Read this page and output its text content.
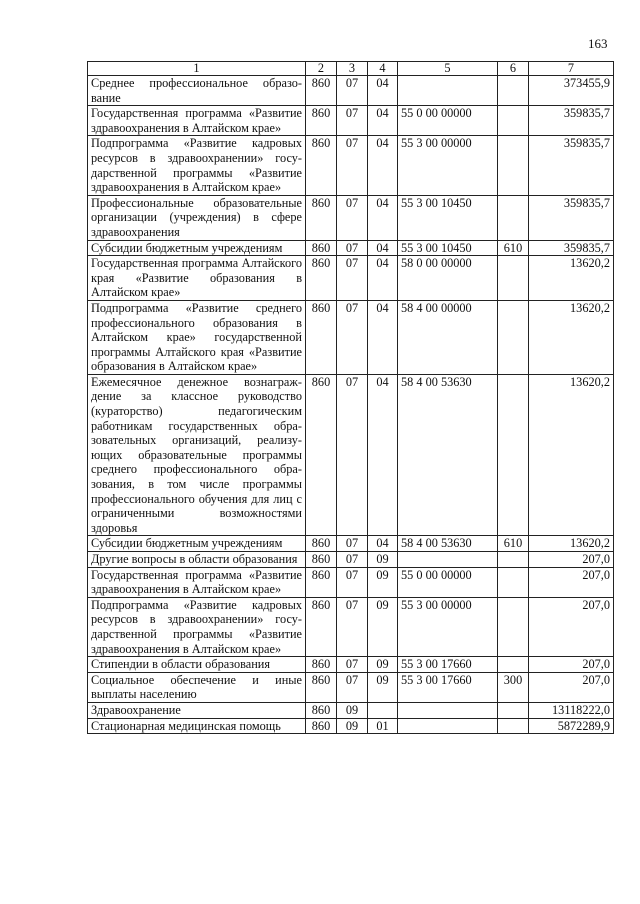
163
1	2	3	4	5	6	7
Среднее профессиональное образование	860	07	04			373455,9
Государственная программа «Развитие здравоохранения в Алтайском крае»	860	07	04	55 0 00 00000		359835,7
Подпрограмма «Развитие кадровых ресурсов в здравоохранении» государственной программы «Развитие здравоохранения в Алтайском крае»	860	07	04	55 3 00 00000		359835,7
Профессиональные образовательные организации (учреждения) в сфере здравоохранения	860	07	04	55 3 00 10450		359835,7
Субсидии бюджетным учреждениям	860	07	04	55 3 00 10450	610	359835,7
Государственная программа Алтайского края «Развитие образования в Алтайском крае»	860	07	04	58 0 00 00000		13620,2
Подпрограмма «Развитие среднего профессионального образования в Алтайском крае» государственной программы Алтайского края «Развитие образования в Алтайском крае»	860	07	04	58 4 00 00000		13620,2
Ежемесячное денежное вознаграждение за классное руководство (кураторство) педагогическим работникам государственных образовательных организаций, реализующих образовательные программы среднего профессионального образования, в том числе программы профессионального обучения для лиц с ограниченными возможностями здоровья	860	07	04	58 4 00 53630		13620,2
Субсидии бюджетным учреждениям	860	07	04	58 4 00 53630	610	13620,2
Другие вопросы в области образования	860	07	09			207,0
Государственная программа «Развитие здравоохранения в Алтайском крае»	860	07	09	55 0 00 00000		207,0
Подпрограмма «Развитие кадровых ресурсов в здравоохранении» государственной программы «Развитие здравоохранения в Алтайском крае»	860	07	09	55 3 00 00000		207,0
Стипендии в области образования	860	07	09	55 3 00 17660		207,0
Социальное обеспечение и иные выплаты населению	860	07	09	55 3 00 17660	300	207,0
Здравоохранение	860	09				13118222,0
Стационарная медицинская помощь	860	09	01			5872289,9
